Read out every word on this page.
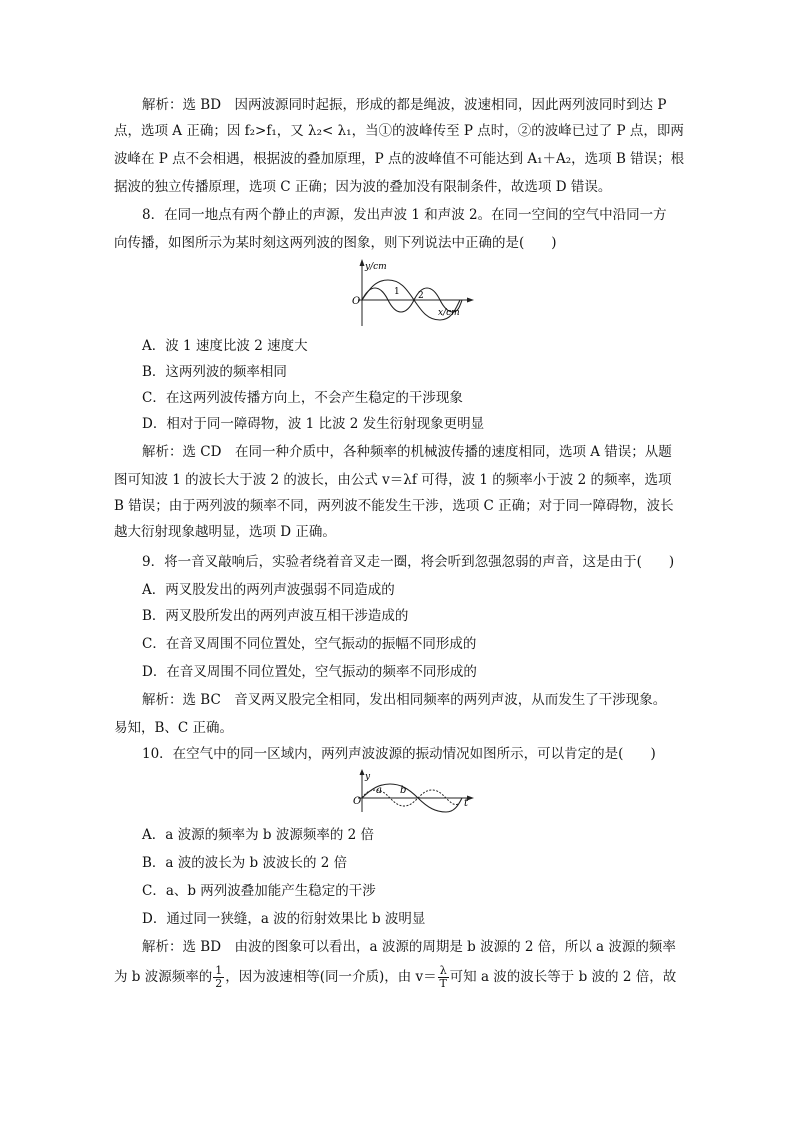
解析：选 BD　因两波源同时起振，形成的都是绳波，波速相同，因此两列波同时到达 P
点，选项 A 正确；因 f₂>f₁，又 λ₂< λ₁，当①的波峰传至 P 点时，②的波峰已过了 P 点，即两
波峰在 P 点不会相遇，根据波的叠加原理，P 点的波峰值不可能达到 A₁＋A₂，选项 B 错误；根
据波的独立传播原理，选项 C 正确；因为波的叠加没有限制条件，故选项 D 错误。
8．在同一地点有两个静止的声源，发出声波 1 和声波 2。在同一空间的空气中沿同一方
向传播，如图所示为某时刻这两列波的图象，则下列说法中正确的是(　　)
y/cm
O
1 2
x/cm
A．波 1 速度比波 2 速度大
B．这两列波的频率相同
C．在这两列波传播方向上，不会产生稳定的干涉现象
D．相对于同一障碍物，波 1 比波 2 发生衍射现象更明显
解析：选 CD　在同一种介质中，各种频率的机械波传播的速度相同，选项 A 错误；从题
图可知波 1 的波长大于波 2 的波长，由公式 v＝λf 可得，波 1 的频率小于波 2 的频率，选项
B 错误；由于两列波的频率不同，两列波不能发生干涉，选项 C 正确；对于同一障碍物，波长
越大衍射现象越明显，选项 D 正确。
9．将一音叉敲响后，实验者绕着音叉走一圈，将会听到忽强忽弱的声音，这是由于(　　)
A．两叉股发出的两列声波强弱不同造成的
B．两叉股所发出的两列声波互相干涉造成的
C．在音叉周围不同位置处，空气振动的振幅不同形成的
D．在音叉周围不同位置处，空气振动的频率不同形成的
解析：选 BC　音叉两叉股完全相同，发出相同频率的两列声波，从而发生了干涉现象。
易知，B、C 正确。
10．在空气中的同一区域内，两列声波波源的振动情况如图所示，可以肯定的是(　　)
y
O
a b
t
A．a 波源的频率为 b 波源频率的 2 倍
B．a 波的波长为 b 波波长的 2 倍
C．a、b 两列波叠加能产生稳定的干涉
D．通过同一狭缝，a 波的衍射效果比 b 波明显
解析：选 BD　由波的图象可以看出，a 波源的周期是 b 波源的 2 倍，所以 a 波源的频率
为 b 波源频率的 $\frac{1}{2}$ ，因为波速相等(同一介质)，由 $v= \frac{\lambda}{T}$ 可知 a 波的波长等于 b 波的 2 倍，故
